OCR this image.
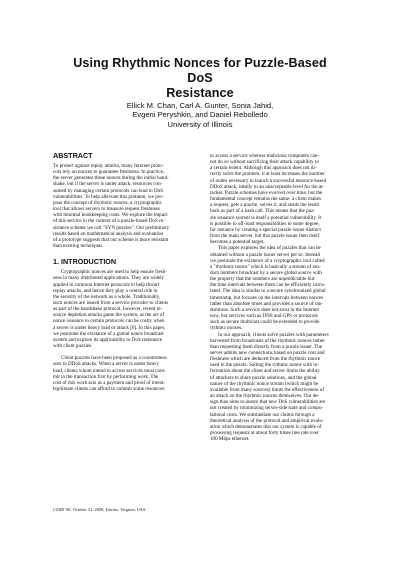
Using Rhythmic Nonces for Puzzle-Based DoS
Resistance
Ellick M. Chan, Carl A. Gunter, Sonia Jahid,
Evgeni Peryshkin, and Daniel Rebolledo
University of Illinois
ABSTRACT

To protect against replay attacks, many Internet proto-
cols rely on nonces to guarantee freshness. In practice,
the server generates these nonces during the initial hand-
shake, but if the server is under attack, resources con-
sumed by managing certain protocols can lead to DoS
vulnerabilities. To help alleviate this problem, we pro-
pose the concept of rhythmic nonces, a cryptographic
tool that allows servers to measure request freshness
with minimal bookkeeping costs. We explore the impact
of this service in the context of a puzzle-based DoS re-
sistance scheme we call "SYN puzzles". Our preliminary
results based on mathematical analysis and evaluation
of a prototype suggests that our scheme is more resistant
than existing techniques.

1. INTRODUCTION

Cryptographic nonces are used to help ensure fresh-
ness in many distributed applications. They are widely
applied in common Internet protocols to help thwart
replay attacks, and hence they play a central role in
the security of the network as a whole. Traditionally,
such nonces are issued from a service provider to clients
as part of the handshake protocol, however, recent re-
source depletion attacks game the system, as the act of
nonce issuance in certain protocols can be costly when
a server is under heavy load or attack [6]. In this paper,
we postulate the existance of a global nonce broadcast
system and explore its applicability to DoS resistance
with client puzzles.

Client puzzles have been proposed as a countermea-
sure to DDoS attacks. When a server is under heavy
load, clients whom intend to access services must com-
mit to the transaction first by performing work. The
cost of this work acts as a payment and proof of intent:
legitimate clients can afford to commit some resources

to access a service whereas malicious computers can-
not do so without sacrificing their attack capability to
a certain extent. Although this approach does not di-
rectly solve the problem, it at least increases the number
of nodes necessary to launch a successful resource-based
DDoS attack, ideally to an unacceptable level for the at-
tacker. Puzzle schemes have evolved over time, but the
fundamental concept remains the same: a client makes
a request, gets a puzzle, solves it, and sends the result
back as part of a hash call. This means that the puz-
zle issuance system is itself a potential vulnerability. It
is possible to off-load responsibilities to some degree,
for instance by creating a special puzzle issuer distinct
from the main server, but this puzzle issuer then itself
becomes a potential target.

This paper explores the idea of puzzles that can be
obtained without a puzzle issuer server per se. Instead
we postulate the existence of a cryptographic tool called
a "rhythmic nonce" which is basically a stream of ran-
dom numbers broadcast by a secure global source with
the property that the numbers are unpredictable but
the time intervals between them can be efficiently calcu-
lated. The idea is similar to a secure synchronized global
timestamp, but focuses on the intervals between nonces
rather than absolute times and provides a source of ran-
domness. Such a service does not exist in the Internet
now, but services such as DNS and GPS or protocols
such as secure multicast could be extended to provide
rythmic nonces.

In our approach, clients solve puzzles with parameters
harvested from broadcasts of the rhythmic nonces rather
than requesting them directly from a puzzle issuer. The
server admits new connections based on puzzle cost and
freshness which are deduced from the rhythmic nonce
used in the puzzle. Salting the rythmic nonce with in-
formation about the client and server limits the ability
of attackers to share puzzle solutions, and the global
nature of the rhythmic nonce stream (which might be
available from many sources) limits the effectiveness of
an attack on the rhythmic nonces themselves. Our de-
sign thus aims to assure that new DoS vulnerabilities are
not created by minimizing server-side state and compu-
tational costs. We substantiate our claims through a
theoretical analysis of the protocol and empirical evalu-
ation which demonstrates that our system is capable of
processing requests at about forty times line rate over
100 Mbps ethernet.

CSIIR '08, October 31, 2008, Fairfax, Virginia, USA.
